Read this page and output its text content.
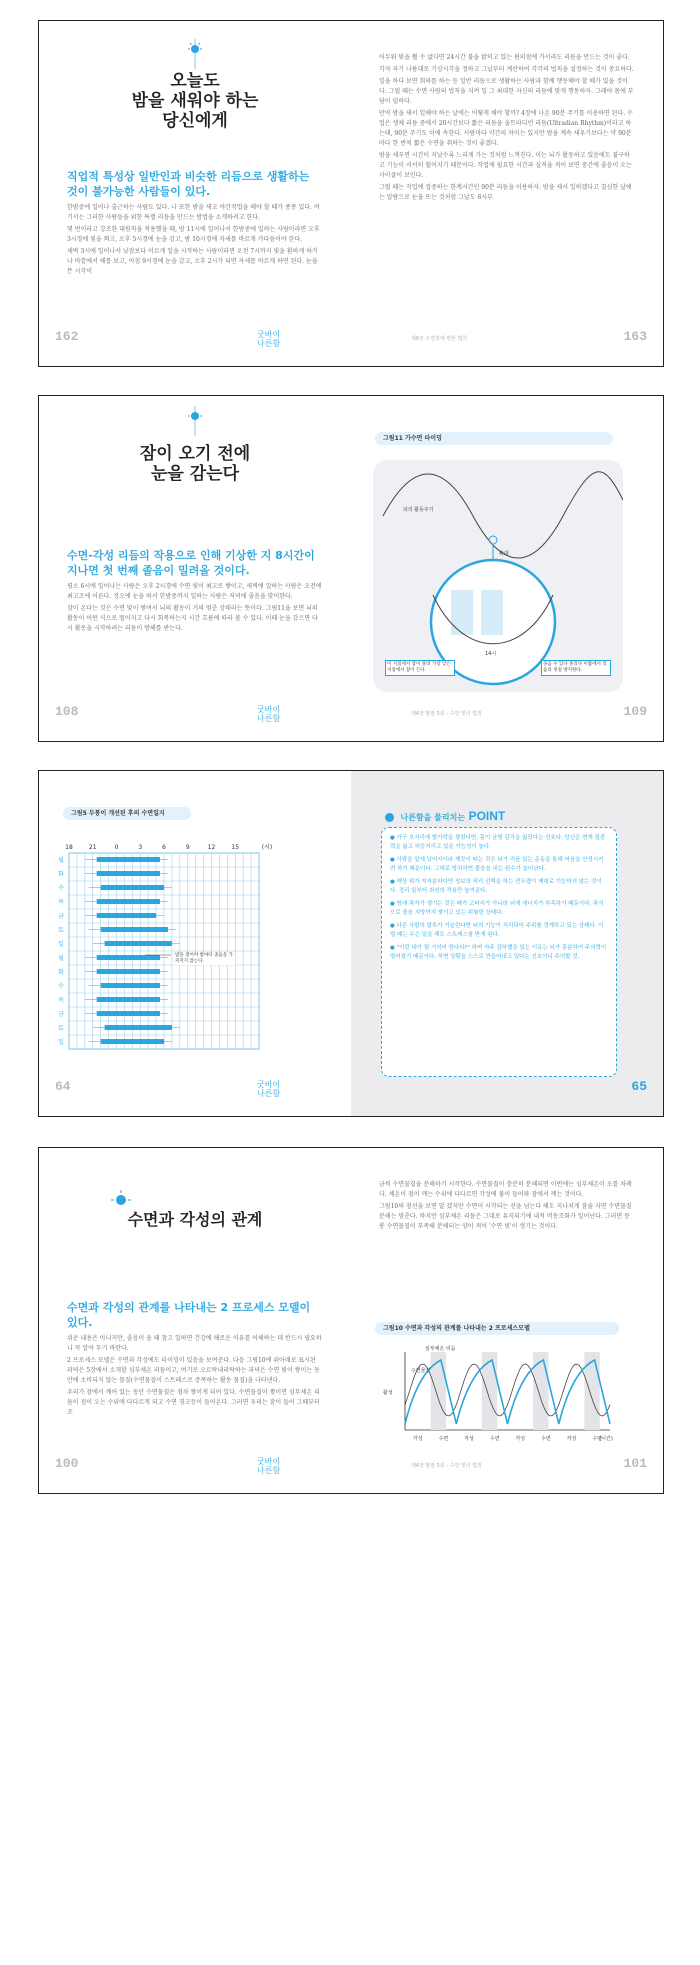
오늘도
밤을 새워야 하는
당신에게
직업적 특성상 일반인과 비슷한 리듬으로 생활하는 것이 불가능한 사람들이 있다.

한밤중에 일어나 출근하는 사람도 있다. 나 또한 밤을 새고 야간작업을 해야 할 때가 종종 있다. 여기서는 그러한 사람들을 위한 특별 리듬을 만드는 방법을 소개하려고 한다.

몇 번이라고 강조한 대원칙을 적용했을 때, 밤 11시에 일어나서 한밤중에 일하는 사람이라면 오후 3시경에 빛을 쬐고, 오후 5시경에 눈을 감고, 밤 10시경에 자세를 바르게 가다듬어야 한다.

새벽 3시에 일어나서 낮잠보다 이르게 일을 시작하는 사람이라면 오전 7시까지 빛을 환하게 하거나 바깥에서 해를 보고, 아침 9시경에 눈을 감고, 오후 2시가 되면 자세를 바르게 하면 된다. 눈을 뜬 시각이

162	굿바이
나른함

어두워 빛을 쬘 수 없다면 24시간 불을 밝히고 있는 편의점에 가서라도 리듬을 만드는 것이 좋다.

각자 자기 나름대로 기상시각을 정하고 그날부터 계산하여 각각의 법칙을 설정하는 것이 중요하다.

일을 하다 보면 회의를 하는 등 일반 리듬으로 생활하는 사람과 함께 행동해야 할 때가 있을 것이다. 그럴 때는 수면 사람의 법칙을 지켜 일 그 최대한 자신의 리듬에 맞게 행동하자. 그래야 몸에 부담이 덜하다.

만약 밤을 새서 일해야 하는 날에는 어떻게 해야 할까? 4장에 나온 90분 주기를 이용하면 된다. 수업은 생체 리듬 중에서 20시간보다 짧은 리듬을 울트라디언 리듬(Ultradian Rhythm)이라고 하는데, 90분 주기도 이에 속한다. 사람마다 약간의 차이는 있지만 밤을 계속 새우기보다는 약 90분마다 한 번씩 짧은 수면을 취하는 것이 좋겠다.

밤을 새우면 시간이 지날수록 느리게 가는 것처럼 느껴진다. 이는 뇌가 활동하고 있음에도 불구하고 기능이 서서히 떨어지기 때문이다. 작업에 필요한 시간과 실적을 적어 보면 중간에 졸음이 오는 사이클이 보인다.

그럴 때는 작업에 집중하는 한계시간인 90분 리듬을 이용하자. 밤을 새서 일하겠다고 결심한 날에는 알람으로 눈을 뜨는 것처럼 그날도 8시부

제6장 수면장애 편한 법칙	163
잠이 오기 전에
눈을 감는다
수면-각성 리듬의 작용으로 인해 기상한 지 8시간이 지나면 첫 번째 졸음이 밀려올 것이다.

평소 6시에 일어나는 사람은 오후 2시경에 수면 빛이 최고로 쌓이고, 새벽에 일하는 사람은 오전에 최고조에 이른다. 정오에 눈을 떠서 한밤중까지 일하는 사람은 저녁에 졸음을 맞이한다.

잠이 온다는 것은 수면 빛이 쌓여서 뇌의 활동이 거의 멈춘 상태라는 뜻이다. 그림11을 보면 뇌의 활동이 어떤 식으로 떨어지고 다시 회복하는지 시간 흐름에 따라 볼 수 있다. 이때 눈을 감으면 다시 활동을 시작하려는 리듬이 방해를 받는다.

108	굿바이
나른함
그림11 가수면 타이밍
뇌의 활동주기
확대
14시
이 지점에서 잠이 몰려 가장 낮은 지점에서 잠이 든다.
졸음 수 있다 몰리다 이쯤에서 리듬의 정점 방지한다.
제4장 밤잠 5분 - 수면 빚의 법칙	109
그림5 두통이 개선된 후의 수면일지
18	21	0	3	6	9	12	15	(시)
월
화
수
목
금
토
일
월
화
수
목
금
토
일
밤을 샜어야 밤마다 졸음을 가져지지 않는다.
64	굿바이
나른함
나른함을 물리치는 POINT
● 가구 모서리에 발가락을 찧었다면, 몸이 균형 감각을 잃었다는 신호다. 당신은 현재 집중력을 잃고 허둥거리고 있을 가능성이 높다.
● 사람을 앞에 넘어지더라 깨끗이 떠는 것은 뇌가 리듬 있는 운동을 통해 마음을 안정시키려 하기 때문이다. 그대로 방치하면 졸음을 내는 원수가 늘어난다.
● 책상 위가 지저분하다면 정보의 처리 선택을 하는 전두엽이 제대로 기능하지 않는 것이다. 정리 일부터 최선의 작용만 높여준다.
● 방에 과자가 생기는 것은 배가 고파서가 아니라 뇌에 에너지가 부족하기 때문이다. 과식으로 졸음 지방까지 쌓이고 있는 위험한 상태다.
● 다른 사람의 말투가 거슬린다면 뇌의 기능이 처리되어 주위를 경계하고 있는 상태다. 이럴 때는 무슨 일을 해도 스트레스를 받게 된다.
● "이런 내가 될 거지어 한다라?" 하며 자주 감하했을 있는 이유는 뇌가 흥분하여 주의력이 떨어졌기 때문이다. 하면 상황을 스스로 만들어내고 있다는 신호이니 주의할 것.
65
수면과 각성의 관계
수면과 각성의 관계를 나타내는 2 프로세스 모델이 있다.

쉬운 내용은 아니지만, 졸음이 올 때 참고 일하면 건강에 해로운 이유를 이해하는 데 반드시 필요하니 꼭 알아 두기 바란다.

2 프로세스 모델은 수면과 각성에도 타이밍이 있음을 보여준다. 다음 그림10에 위아래로 표시된 과녁은 5장에서 소개할 심부체온 리듬이고, 여기로 오르락내리락하는 과녁은 수면 빛이 쌓이는 동안에 소비되지 않는 물질(수면물질이 스트레스로 증폭하는 활동 물질)을 나타낸다.

우리가 잠에서 깨어 있는 동안 수면물질은 점차 쌓이게 되어 있다. 수면물질이 쌓이면 심부체온 리듬이 점이 오는 수위에 다다르게 되고 수면 경고등이 들어온다. 그러면 우리는 잠이 들어 그때부터 조

100	굿바이
나른함

금씩 수면물질을 분해하기 시작한다. 수면물질이 충분히 분해되면 이번에는 심부체온이 오를 차례다. 체온이 점이 깨는 수위에 다다르면 각성에 불이 들어와 잠에서 깨는 것이다.

그림10의 점선을 보면 알 겠지만 수면이 시작되는 선을 넘는다 해도 지나치게 잠을 자면 수면물질 분해는 멈춘다. 하지만 심부체온 리듬은 그대로 유지되기에 내적 비동조화가 일어난다. 그러면 몽롱 수면물질이 부족해 분해되는 양이 적어 '수면 빚'이 생기는 것이다.

그림10 수면과 각성의 관계를 나타내는 2 프로세스모델
심부체온 리듬
수면물질
활성
각성	수면	각성	수면	각성	수면	각성	수면
(시간)
제4장 밤잠 5분 - 수면 빚의 법칙	101
